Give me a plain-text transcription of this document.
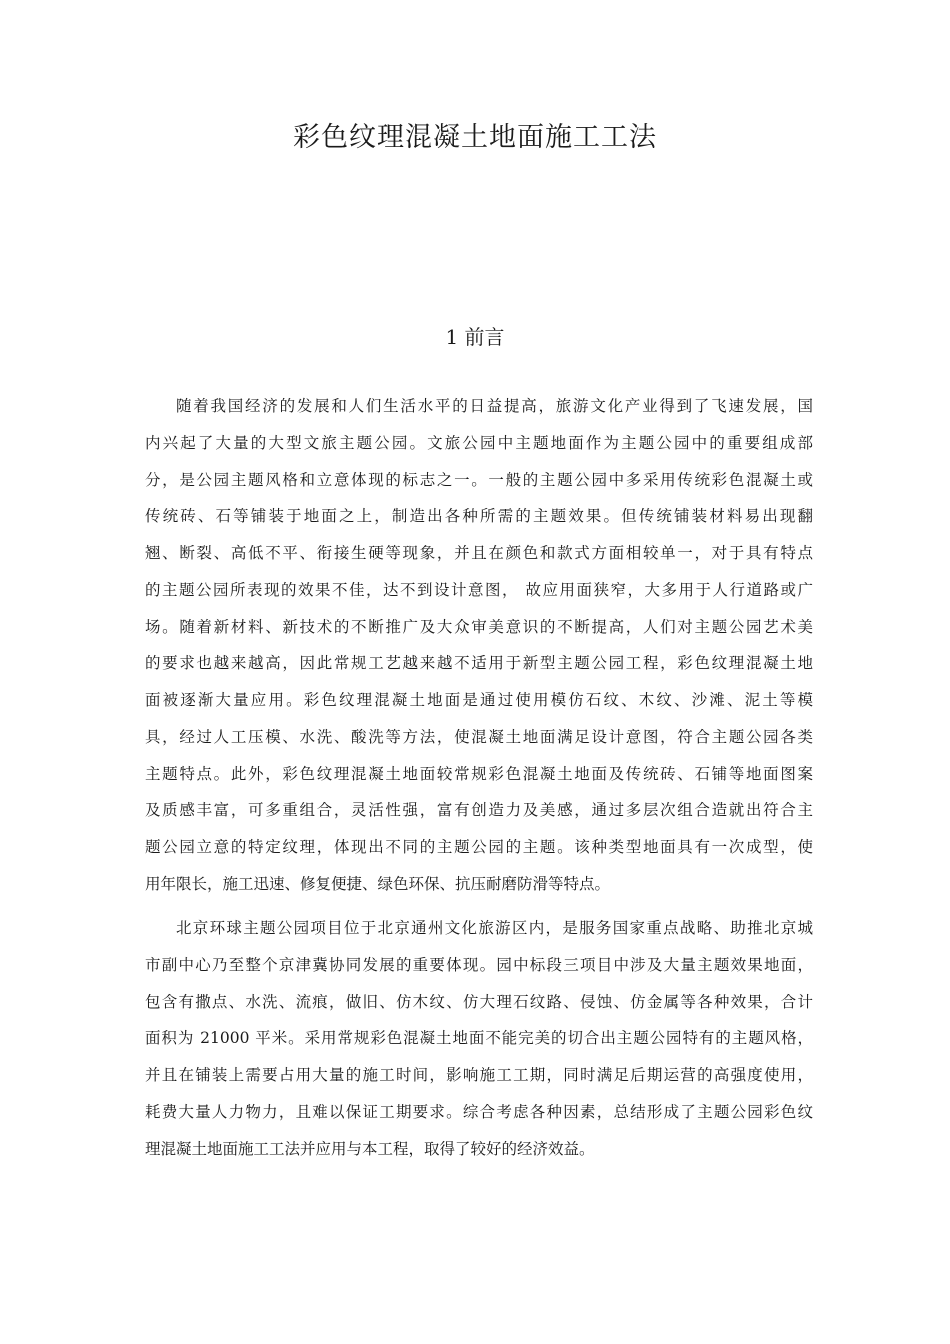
彩色纹理混凝土地面施工工法
1 前言
随着我国经济的发展和人们生活水平的日益提高，旅游文化产业得到了飞速发展，国
内兴起了大量的大型文旅主题公园。文旅公园中主题地面作为主题公园中的重要组成部
分，是公园主题风格和立意体现的标志之一。一般的主题公园中多采用传统彩色混凝土或
传统砖、石等铺装于地面之上，制造出各种所需的主题效果。但传统铺装材料易出现翻
翘、断裂、高低不平、衔接生硬等现象，并且在颜色和款式方面相较单一，对于具有特点
的主题公园所表现的效果不佳，达不到设计意图， 故应用面狭窄，大多用于人行道路或广
场。随着新材料、新技术的不断推广及大众审美意识的不断提高，人们对主题公园艺术美
的要求也越来越高，因此常规工艺越来越不适用于新型主题公园工程，彩色纹理混凝土地
面被逐渐大量应用。彩色纹理混凝土地面是通过使用模仿石纹、木纹、沙滩、泥土等模
具，经过人工压模、水洗、酸洗等方法，使混凝土地面满足设计意图，符合主题公园各类
主题特点。此外，彩色纹理混凝土地面较常规彩色混凝土地面及传统砖、石铺等地面图案
及质感丰富，可多重组合，灵活性强，富有创造力及美感，通过多层次组合造就出符合主
题公园立意的特定纹理，体现出不同的主题公园的主题。该种类型地面具有一次成型，使
用年限长，施工迅速、修复便捷、绿色环保、抗压耐磨防滑等特点。
北京环球主题公园项目位于北京通州文化旅游区内，是服务国家重点战略、助推北京城
市副中心乃至整个京津冀协同发展的重要体现。园中标段三项目中涉及大量主题效果地面，
包含有撒点、水洗、流痕，做旧、仿木纹、仿大理石纹路、侵蚀、仿金属等各种效果，合计
面积为 21000 平米。采用常规彩色混凝土地面不能完美的切合出主题公园特有的主题风格，
并且在铺装上需要占用大量的施工时间，影响施工工期，同时满足后期运营的高强度使用，
耗费大量人力物力，且难以保证工期要求。综合考虑各种因素，总结形成了主题公园彩色纹
理混凝土地面施工工法并应用与本工程，取得了较好的经济效益。
